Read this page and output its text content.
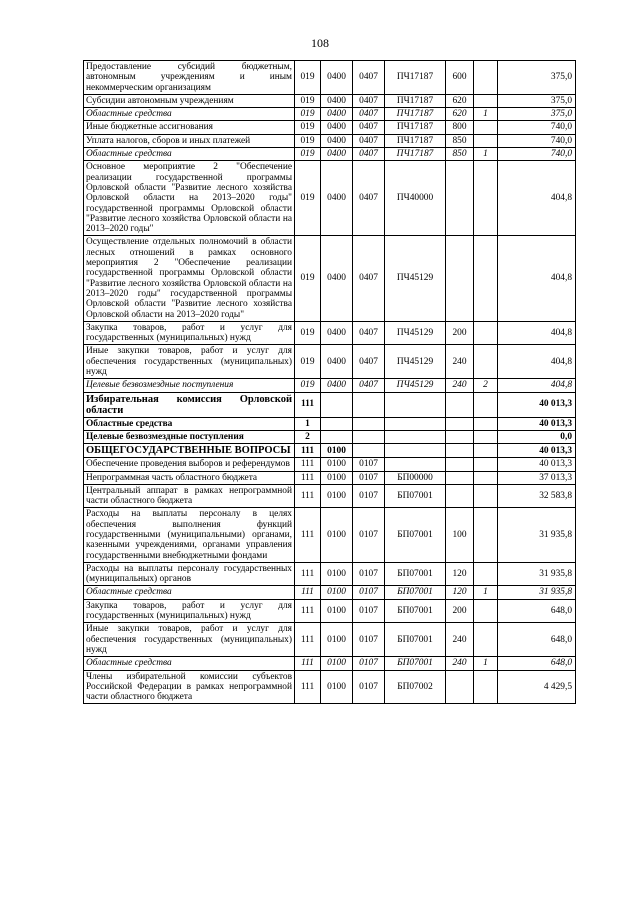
108
Предоставление субсидий бюджетным, автономным учреждениям и иным некоммерческим организациям	019	0400	0407	ПЧ17187	600		375,0
Субсидии автономным учреждениям	019	0400	0407	ПЧ17187	620		375,0
Областные средства	019	0400	0407	ПЧ17187	620	1	375,0
Иные бюджетные ассигнования	019	0400	0407	ПЧ17187	800		740,0
Уплата налогов, сборов и иных платежей	019	0400	0407	ПЧ17187	850		740,0
Областные средства	019	0400	0407	ПЧ17187	850	1	740,0
Основное мероприятие 2 "Обеспечение реализации государственной программы Орловской области "Развитие лесного хозяйства Орловской области на 2013–2020 годы" государственной программы Орловской области "Развитие лесного хозяйства Орловской области на 2013–2020 годы"	019	0400	0407	ПЧ40000			404,8
Осуществление отдельных полномочий в области лесных отношений в рамках основного мероприятия 2 "Обеспечение реализации государственной программы Орловской области "Развитие лесного хозяйства Орловской области на 2013–2020 годы" государственной программы Орловской области "Развитие лесного хозяйства Орловской области на 2013–2020 годы"	019	0400	0407	ПЧ45129			404,8
Закупка товаров, работ и услуг для государственных (муниципальных) нужд	019	0400	0407	ПЧ45129	200		404,8
Иные закупки товаров, работ и услуг для обеспечения государственных (муниципальных) нужд	019	0400	0407	ПЧ45129	240		404,8
Целевые безвозмездные поступления	019	0400	0407	ПЧ45129	240	2	404,8
Избирательная комиссия Орловской области	111						40 013,3
Областные средства	1						40 013,3
Целевые безвозмездные поступления	2						0,0
ОБЩЕГОСУДАРСТВЕННЫЕ ВОПРОСЫ	111	0100					40 013,3
Обеспечение проведения выборов и референдумов	111	0100	0107				40 013,3
Непрограммная часть областного бюджета	111	0100	0107	БП00000			37 013,3
Центральный аппарат в рамках непрограммной части областного бюджета	111	0100	0107	БП07001			32 583,8
Расходы на выплаты персоналу в целях обеспечения выполнения функций государственными (муниципальными) органами, казенными учреждениями, органами управления государственными внебюджетными фондами	111	0100	0107	БП07001	100		31 935,8
Расходы на выплаты персоналу государственных (муниципальных) органов	111	0100	0107	БП07001	120		31 935,8
Областные средства	111	0100	0107	БП07001	120	1	31 935,8
Закупка товаров, работ и услуг для государственных (муниципальных) нужд	111	0100	0107	БП07001	200		648,0
Иные закупки товаров, работ и услуг для обеспечения государственных (муниципальных) нужд	111	0100	0107	БП07001	240		648,0
Областные средства	111	0100	0107	БП07001	240	1	648,0
Члены избирательной комиссии субъектов Российской Федерации в рамках непрограммной части областного бюджета	111	0100	0107	БП07002			4 429,5
